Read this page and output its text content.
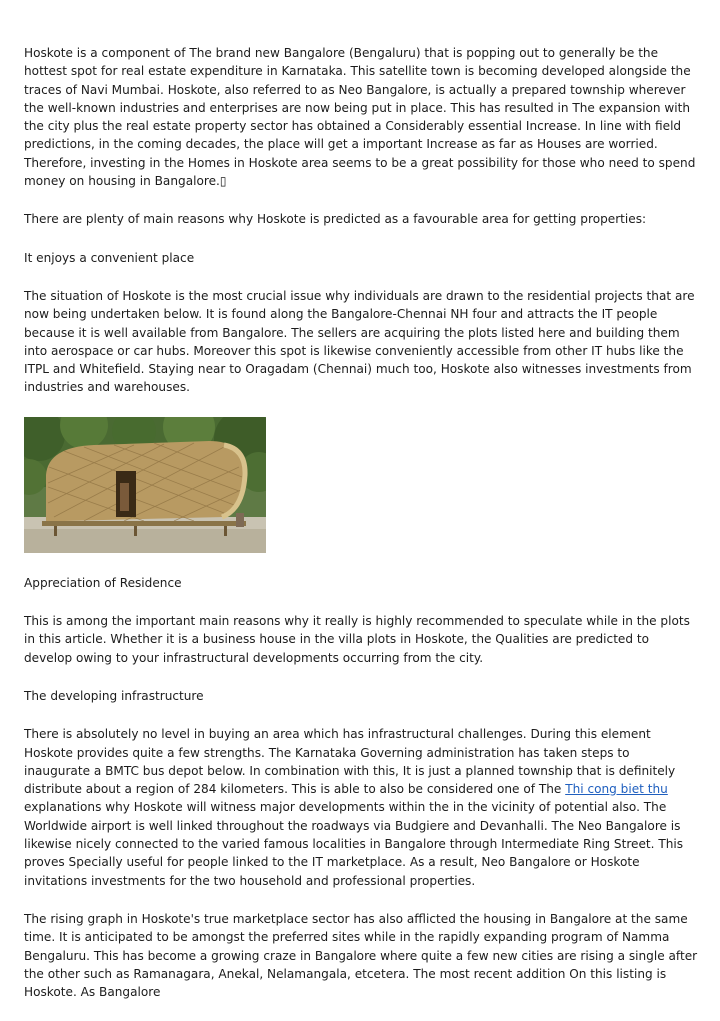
Hoskote is a component of The brand new Bangalore (Bengaluru) that is popping out to generally be the hottest spot for real estate expenditure in Karnataka. This satellite town is becoming developed alongside the traces of Navi Mumbai. Hoskote, also referred to as Neo Bangalore, is actually a prepared township wherever the well-known industries and enterprises are now being put in place. This has resulted in The expansion with the city plus the real estate property sector has obtained a Considerably essential Increase. In line with field predictions, in the coming decades, the place will get a important Increase as far as Houses are worried. Therefore, investing in the Homes in Hoskote area seems to be a great possibility for those who need to spend money on housing in Bangalore.▯

There are plenty of main reasons why Hoskote is predicted as a favourable area for getting properties:

It enjoys a convenient place

The situation of Hoskote is the most crucial issue why individuals are drawn to the residential projects that are now being undertaken below. It is found along the Bangalore-Chennai NH four and attracts the IT people because it is well available from Bangalore. The sellers are acquiring the plots listed here and building them into aerospace or car hubs. Moreover this spot is likewise conveniently accessible from other IT hubs like the ITPL and Whitefield. Staying near to Oragadam (Chennai) much too, Hoskote also witnesses investments from industries and warehouses.

Appreciation of Residence

This is among the important main reasons why it really is highly recommended to speculate while in the plots in this article. Whether it is a business house in the villa plots in Hoskote, the Qualities are predicted to develop owing to your infrastructural developments occurring from the city.

The developing infrastructure

There is absolutely no level in buying an area which has infrastructural challenges. During this element Hoskote provides quite a few strengths. The Karnataka Governing administration has taken steps to inaugurate a BMTC bus depot below. In combination with this, It is just a planned township that is definitely distribute about a region of 284 kilometers. This is able to also be considered one of The Thi cong biet thu explanations why Hoskote will witness major developments within the in the vicinity of potential also. The Worldwide airport is well linked throughout the roadways via Budgiere and Devanhalli. The Neo Bangalore is likewise nicely connected to the varied famous localities in Bangalore through Intermediate Ring Street. This proves Specially useful for people linked to the IT marketplace. As a result, Neo Bangalore or Hoskote invitations investments for the two household and professional properties.

The rising graph in Hoskote's true marketplace sector has also afflicted the housing in Bangalore at the same time. It is anticipated to be amongst the preferred sites while in the rapidly expanding program of Namma Bengaluru. This has become a growing craze in Bangalore where quite a few new cities are rising a single after the other such as Ramanagara, Anekal, Nelamangala, etcetera. The most recent addition On this listing is Hoskote. As Bangalore
